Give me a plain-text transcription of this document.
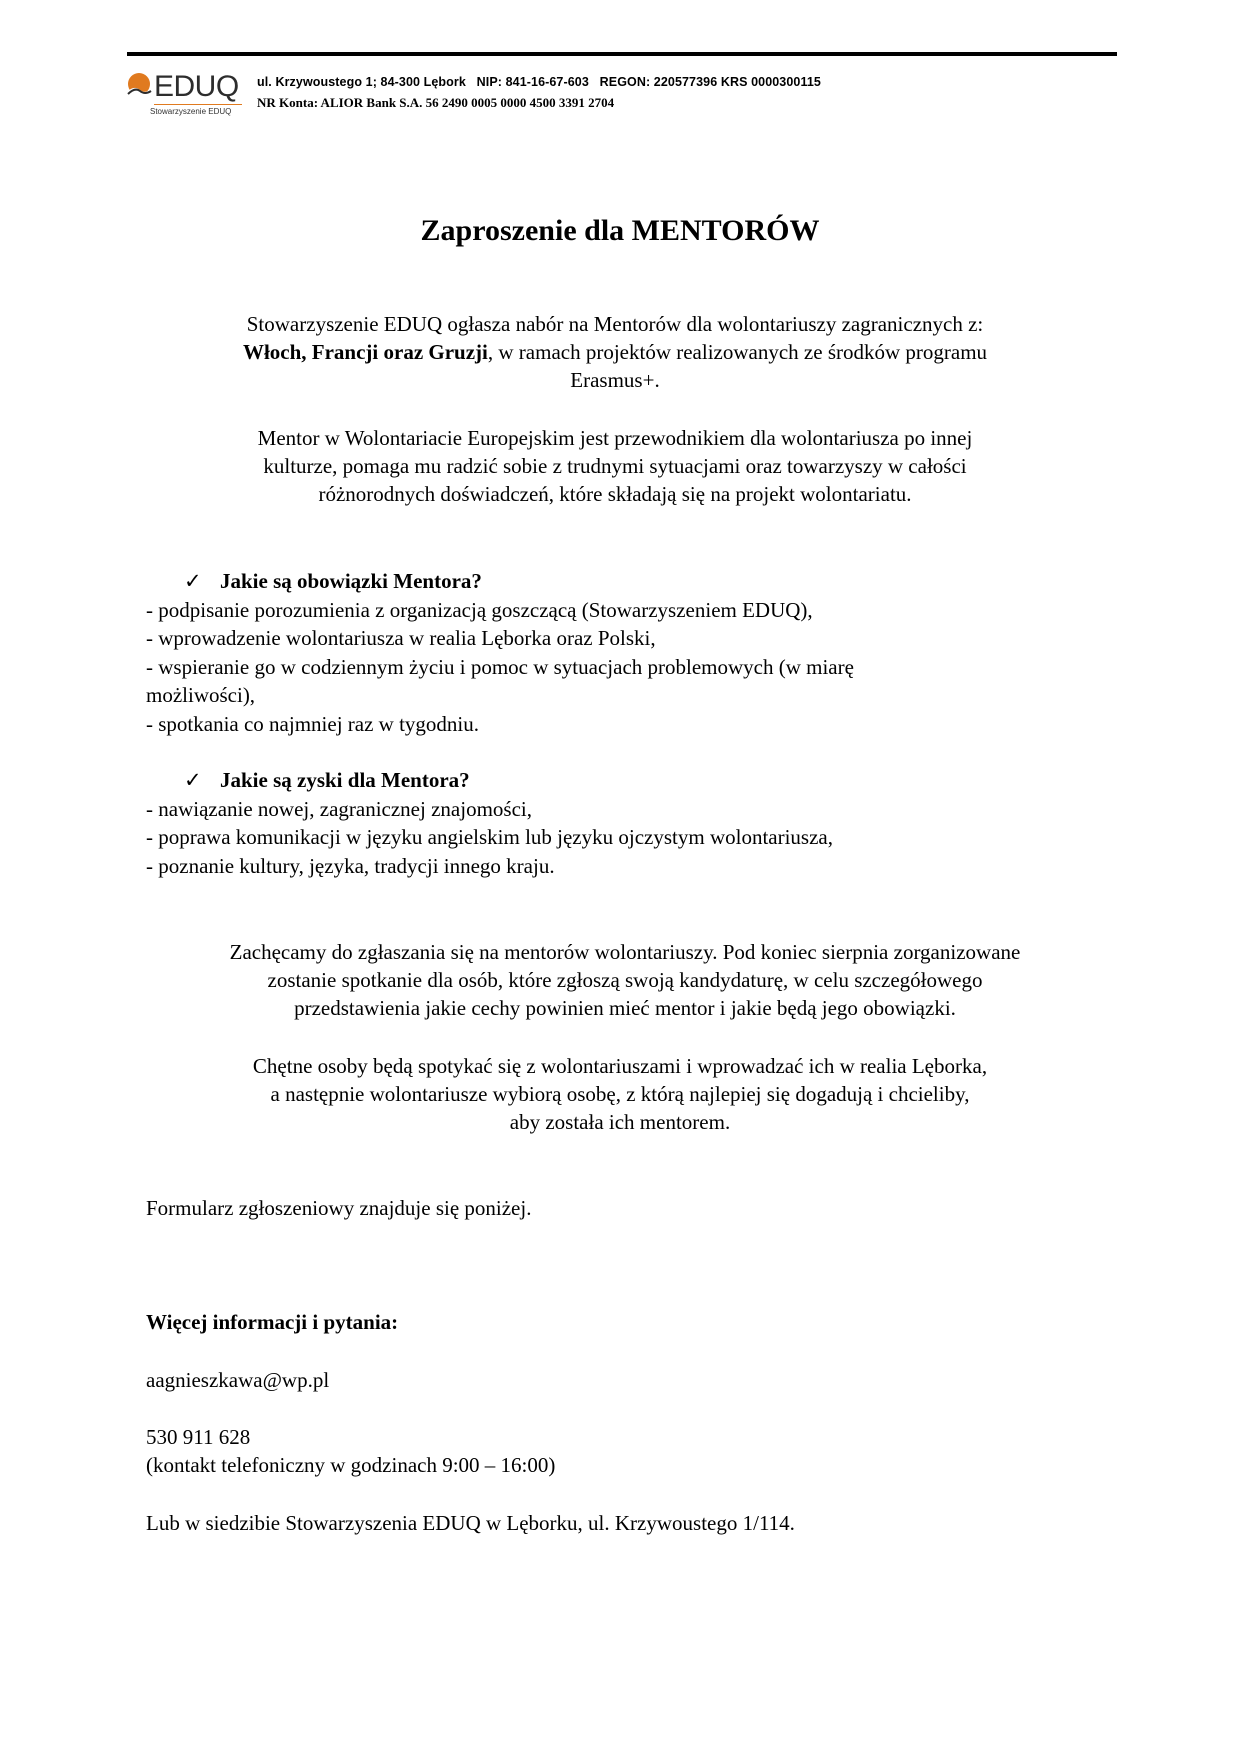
EDUQ
Stowarzyszenie EDUQ
ul. Krzywoustego 1; 84-300 Lębork   NIP: 841-16-67-603   REGON: 220577396 KRS 0000300115
NR Konta: ALIOR Bank S.A. 56 2490 0005 0000 4500 3391 2704
Zaproszenie dla MENTORÓW
Stowarzyszenie EDUQ ogłasza nabór na Mentorów dla wolontariuszy zagranicznych z:
Włoch, Francji oraz Gruzji, w ramach projektów realizowanych ze środków programu
Erasmus+.
Mentor w Wolontariacie Europejskim jest przewodnikiem dla wolontariusza po innej
kulturze, pomaga mu radzić sobie z trudnymi sytuacjami oraz towarzyszy w całości
różnorodnych doświadczeń, które składają się na projekt wolontariatu.
✓ Jakie są obowiązki Mentora?
- podpisanie porozumienia z organizacją goszczącą (Stowarzyszeniem EDUQ),
- wprowadzenie wolontariusza w realia Lęborka oraz Polski,
- wspieranie go w codziennym życiu i pomoc w sytuacjach problemowych (w miarę
możliwości),
- spotkania co najmniej raz w tygodniu.
✓ Jakie są zyski dla Mentora?
- nawiązanie nowej, zagranicznej znajomości,
- poprawa komunikacji w języku angielskim lub języku ojczystym wolontariusza,
- poznanie kultury, języka, tradycji innego kraju.
Zachęcamy do zgłaszania się na mentorów wolontariuszy. Pod koniec sierpnia zorganizowane
zostanie spotkanie dla osób, które zgłoszą swoją kandydaturę, w celu szczegółowego
przedstawienia jakie cechy powinien mieć mentor i jakie będą jego obowiązki.
Chętne osoby będą spotykać się z wolontariuszami i wprowadzać ich w realia Lęborka,
a następnie wolontariusze wybiorą osobę, z którą najlepiej się dogadują i chcieliby,
aby została ich mentorem.
Formularz zgłoszeniowy znajduje się poniżej.
Więcej informacji i pytania:
aagnieszkawa@wp.pl
530 911 628
(kontakt telefoniczny w godzinach 9:00 – 16:00)
Lub w siedzibie Stowarzyszenia EDUQ w Lęborku, ul. Krzywoustego 1/114.
